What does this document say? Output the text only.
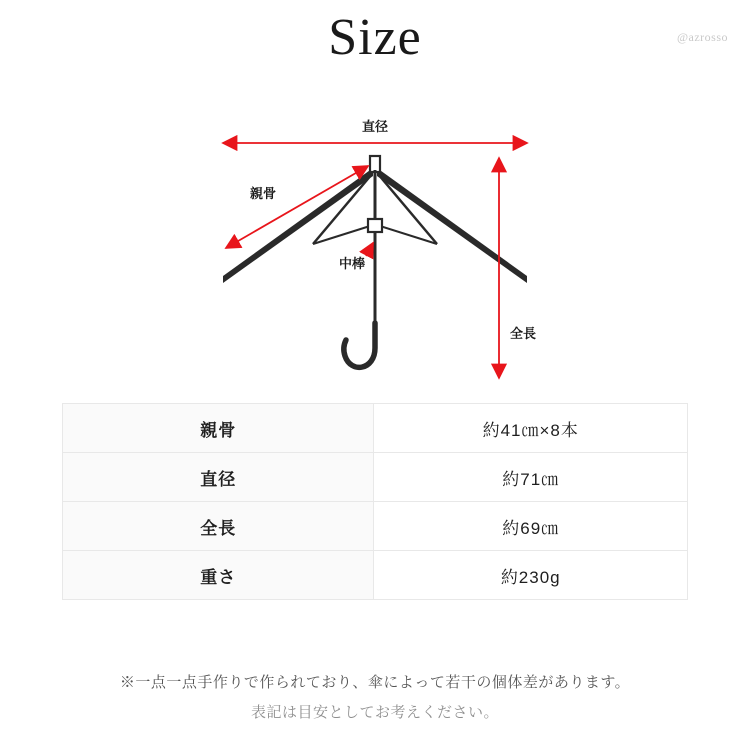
Size	@azrosso
直径
親骨
中棒
全長
親骨	約41㎝×8本
直径	約71㎝
全長	約69㎝
重さ	約230g
※一点一点手作りで作られており、傘によって若干の個体差があります。
表記は目安としてお考えください。
